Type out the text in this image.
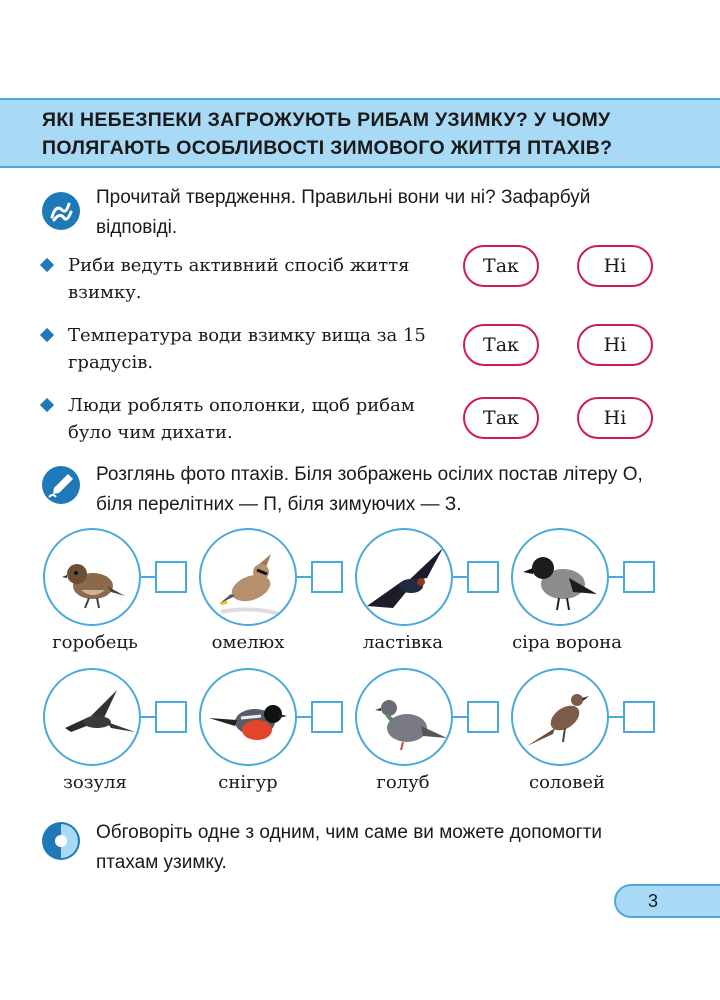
ЯКІ НЕБЕЗПЕКИ ЗАГРОЖУЮТЬ РИБАМ УЗИМКУ? У ЧОМУ ПОЛЯГАЮТЬ ОСОБЛИВОСТІ ЗИМОВОГО ЖИТТЯ ПТАХІВ?
Прочитай твердження. Правильні вони чи ні? Зафарбуй відповіді.
Риби ведуть активний спосіб життя взимку.
Так	Ні
Температура води взимку вища за 15 градусів.
Так	Ні
Люди роблять ополонки, щоб рибам було чим дихати.
Так	Ні
Розглянь фото птахів. Біля зображень осілих постав літеру О, біля перелітних — П, біля зимуючих — З.
горобець	омелюх	ластівка	сіра ворона
зозуля	снігур	голуб	соловей
Обговоріть одне з одним, чим саме ви можете допомогти птахам узимку.
3
